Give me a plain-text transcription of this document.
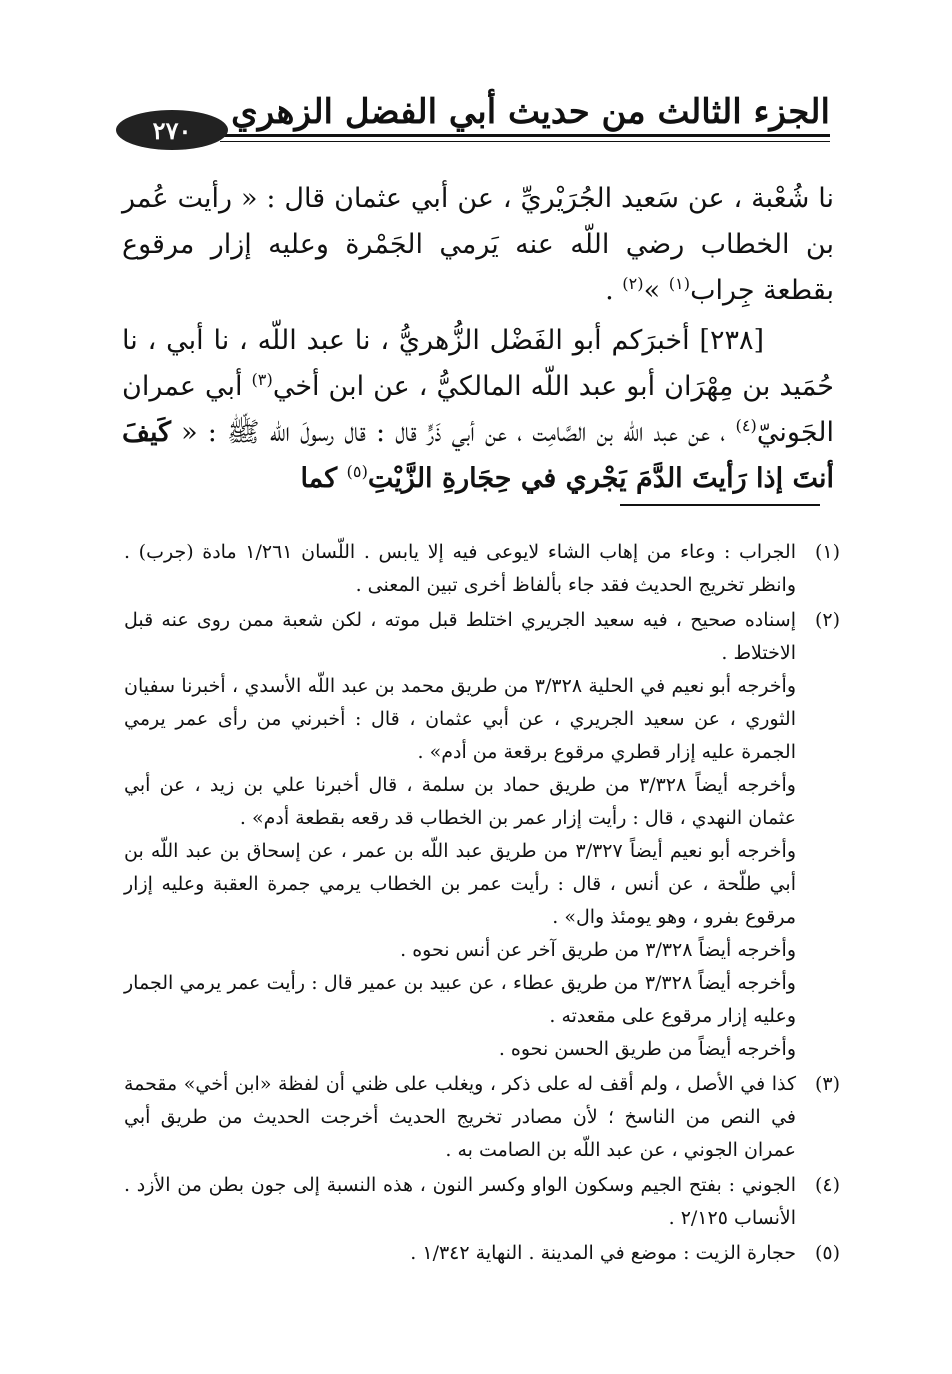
الجزء الثالث من حديث أبي الفضل الزهري
٢٧٠

نا شُعْبة ، عن سَعيد الجُرَيْريِّ ، عن أبي عثمان قال : « رأيت عُمر بن الخطاب رضي اللّه عنه يَرمي الجَمْرة وعليه إزار مرقوع بقطعة جِراب$^{(١)}$ »$^{(٢)}$ .

[٢٣٨] أخبرَكم أبو الفَضْل الزُّهريُّ ، نا عبد اللّه ، نا أبي ، نا حُمَيد بن مِهْرَان أبو عبد اللّه المالكيُّ ، عن ابن أخي$^{(٣)}$ أبي عمران الجَونيّ$^{(٤)}$ ، عن عبد اللّه بن الصَّامِت ، عن أبي ذَرٍّ قال : قال رسولَ اللّه ﷺ : « كَيفَ أنتَ إذا رَأيتَ الدَّمَ يَجْري في حِجَارةِ الزَّيْتِ$^{(٥)}$ كما

(١)

الجراب : وعاء من إهاب الشاء لايوعى فيه إلا يابس . اللّسان ١/٢٦١ مادة (جرب) . وانظر تخريج الحديث فقد جاء بألفاظ أخرى تبين المعنى .

(٢)

إسناده صحيح ، فيه سعيد الجريري اختلط قبل موته ، لكن شعبة ممن روى عنه قبل الاختلاط .

وأخرجه أبو نعيم في الحلية ٣/٣٢٨ من طريق محمد بن عبد اللّه الأسدي ، أخبرنا سفيان الثوري ، عن سعيد الجريري ، عن أبي عثمان ، قال : أخبرني من رأى عمر يرمي الجمرة عليه إزار قطري مرقوع برقعة من أدم» .

وأخرجه أيضاً ٣/٣٢٨ من طريق حماد بن سلمة ، قال أخبرنا علي بن زيد ، عن أبي عثمان النهدي ، قال : رأيت إزار عمر بن الخطاب قد رقعه بقطعة أدم» .

وأخرجه أبو نعيم أيضاً ٣/٣٢٧ من طريق عبد اللّه بن عمر ، عن إسحاق بن عبد اللّه بن أبي طلّحة ، عن أنس ، قال : رأيت عمر بن الخطاب يرمي جمرة العقبة وعليه إزار مرقوع بفرو ، وهو يومئذ وال» .

وأخرجه أيضاً ٣/٣٢٨ من طريق آخر عن أنس نحوه .

وأخرجه أيضاً ٣/٣٢٨ من طريق عطاء ، عن عبيد بن عمير قال : رأيت عمر يرمي الجمار وعليه إزار مرقوع على مقعدته .

وأخرجه أيضاً من طريق الحسن نحوه .

(٣)

كذا في الأصل ، ولم أقف له على ذكر ، ويغلب على ظني أن لفظة «ابن أخي» مقحمة في النص من الناسخ ؛ لأن مصادر تخريج الحديث أخرجت الحديث من طريق أبي عمران الجوني ، عن عبد اللّه بن الصامت به .

(٤)

الجوني : بفتح الجيم وسكون الواو وكسر النون ، هذه النسبة إلى جون بطن من الأزد . الأنساب ٢/١٢٥ .

(٥)

حجارة الزيت : موضع في المدينة . النهاية ١/٣٤٢ .
